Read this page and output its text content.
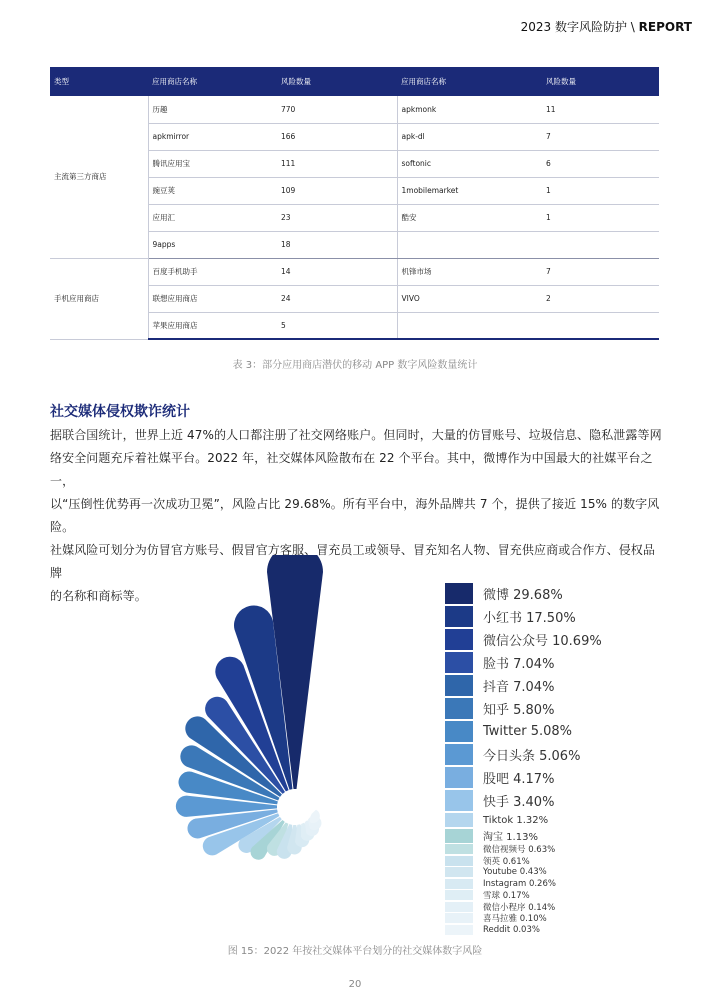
2023 数字风险防护 \ REPORT
类型	应用商店名称	风险数量	应用商店名称	风险数量
主流第三方商店	历趣	770	apkmonk	11
	apkmirror	166	apk-dl	7
	腾讯应用宝	111	softonic	6
	豌豆荚	109	1mobilemarket	1
	应用汇	23	酷安	1
	9apps	18		
手机应用商店	百度手机助手	14	机锋市场	7
	联想应用商店	24	VIVO	2
	苹果应用商店	5		
表 3：部分应用商店潜伏的移动 APP 数字风险数量统计
社交媒体侵权欺诈统计
据联合国统计，世界上近 47%的人口都注册了社交网络账户。但同时，大量的仿冒账号、垃圾信息、隐私泄露等网
络安全问题充斥着社媒平台。2022 年，社交媒体风险散布在 22 个平台。其中，微博作为中国最大的社媒平台之一，
以“压倒性优势再一次成功卫冕”，风险占比 29.68%。所有平台中，海外品牌共 7 个，提供了接近 15% 的数字风险。
社媒风险可划分为仿冒官方账号、假冒官方客服、冒充员工或领导、冒充知名人物、冒充供应商或合作方、侵权品牌
的名称和商标等。	微博 29.68%
小红书 17.50%
微信公众号 10.69%
脸书 7.04%
抖音 7.04%
知乎 5.80%
Twitter 5.08%
今日头条 5.06%
股吧 4.17%
快手 3.40%
Tiktok 1.32%
淘宝 1.13%
微信视频号 0.63%
领英 0.61%
Youtube 0.43%
Instagram 0.26%
雪球 0.17%
微信小程序 0.14%
喜马拉雅 0.10%
Reddit 0.03%
图 15：2022 年按社交媒体平台划分的社交媒体数字风险
20
